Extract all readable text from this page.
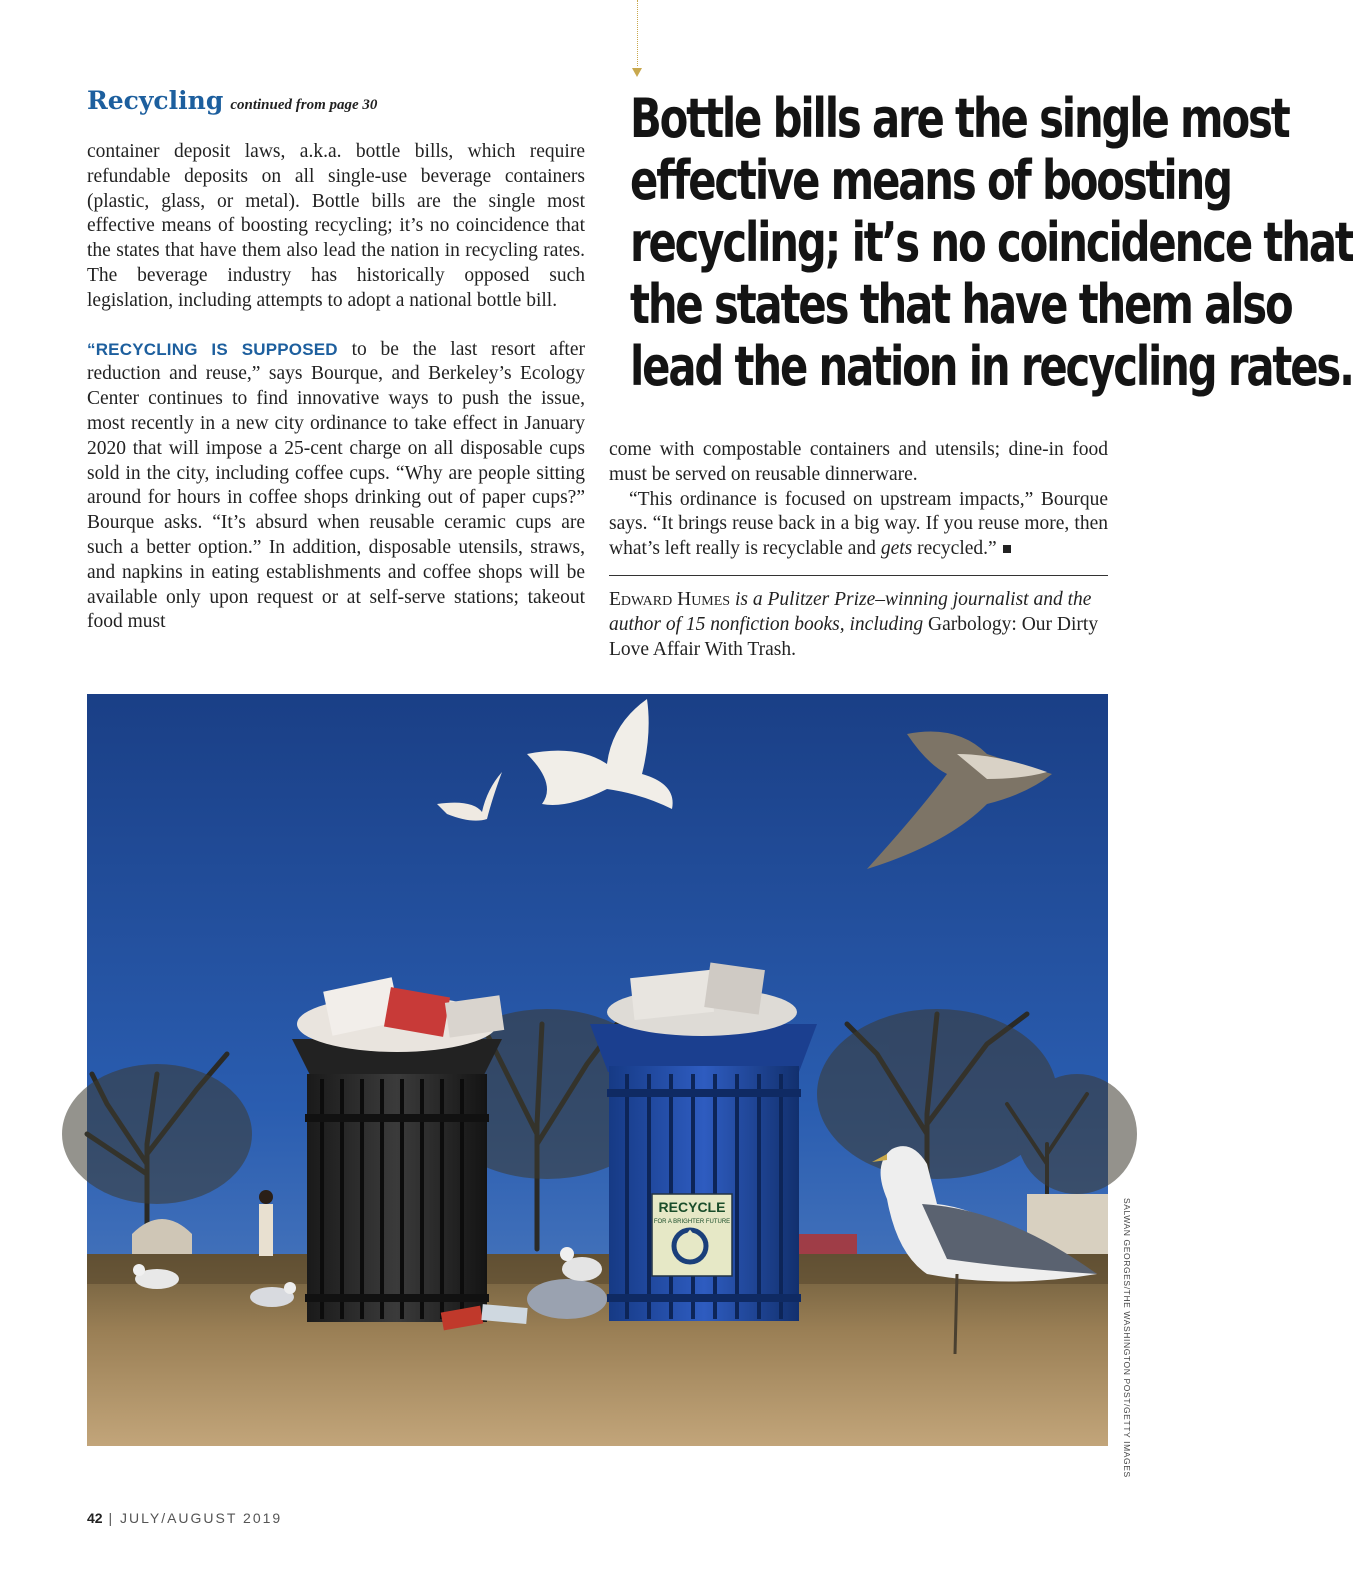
Recycling continued from page 30

container deposit laws, a.k.a. bottle bills, which require refundable deposits on all single-use beverage containers (plastic, glass, or metal). Bottle bills are the single most effective means of boosting recycling; it’s no coincidence that the states that have them also lead the nation in recycling rates. The beverage industry has historically opposed such legislation, including attempts to adopt a national bottle bill.

“RECYCLING IS SUPPOSED to be the last resort after reduction and reuse,” says Bourque, and Berkeley’s Ecology Center continues to find innovative ways to push the issue, most recently in a new city ordinance to take effect in January 2020 that will impose a 25-cent charge on all disposable cups sold in the city, including coffee cups. “Why are people sitting around for hours in coffee shops drinking out of paper cups?” Bourque asks. “It’s absurd when reusable ceramic cups are such a better option.” In addition, disposable utensils, straws, and napkins in eating establishments and coffee shops will be available only upon request or at self-serve stations; takeout food must

Bottle bills are the single most
effective means of boosting
recycling; it’s no coincidence that
the states that have them also
lead the nation in recycling rates.

come with compostable containers and utensils; dine-in food must be served on reusable dinnerware.

“This ordinance is focused on upstream impacts,” Bourque says. “It brings reuse back in a big way. If you reuse more, then what’s left really is recyclable and gets recycled.”

Edward Humes is a Pulitzer Prize–winning journalist and the author of 15 nonfiction books, including Garbology: Our Dirty Love Affair With Trash.
RECYCLE
FOR A BRIGHTER FUTURE	SALWAN GEORGES/THE WASHINGTON POST/GETTY IMAGES
42 | JULY/AUGUST 2019
